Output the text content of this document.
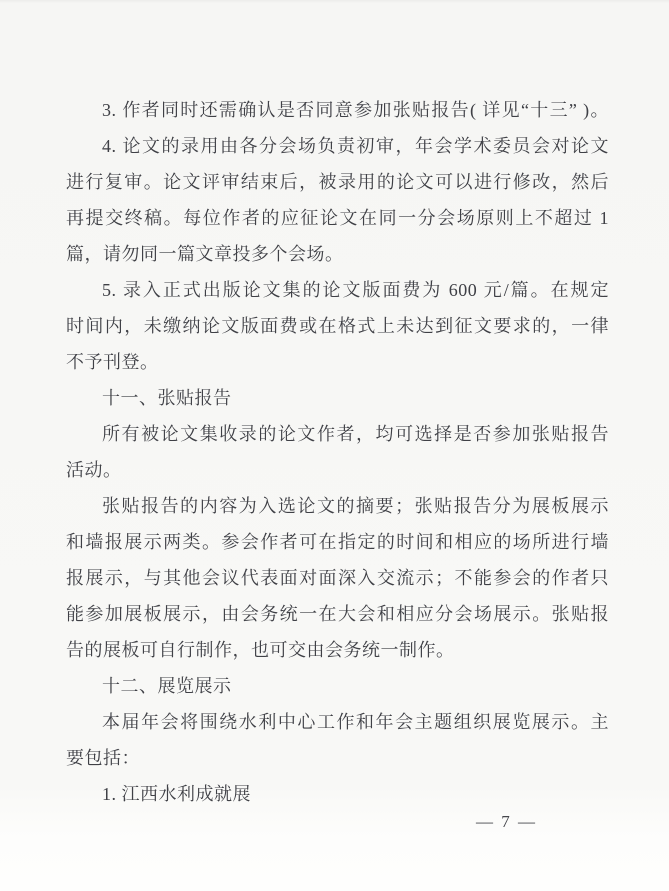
3. 作者同时还需确认是否同意参加张贴报告( 详见“十三” )。
4. 论文的录用由各分会场负责初审，年会学术委员会对论文
进行复审。论文评审结束后，被录用的论文可以进行修改，然后
再提交终稿。每位作者的应征论文在同一分会场原则上不超过 1
篇，请勿同一篇文章投多个会场。
5. 录入正式出版论文集的论文版面费为 600 元/篇。在规定
时间内，未缴纳论文版面费或在格式上未达到征文要求的，一律
不予刊登。
十一、张贴报告
所有被论文集收录的论文作者，均可选择是否参加张贴报告
活动。
张贴报告的内容为入选论文的摘要；张贴报告分为展板展示
和墙报展示两类。参会作者可在指定的时间和相应的场所进行墙
报展示，与其他会议代表面对面深入交流示；不能参会的作者只
能参加展板展示，由会务统一在大会和相应分会场展示。张贴报
告的展板可自行制作，也可交由会务统一制作。
十二、展览展示
本届年会将围绕水利中心工作和年会主题组织展览展示。主
要包括：
1. 江西水利成就展
— 7 —
